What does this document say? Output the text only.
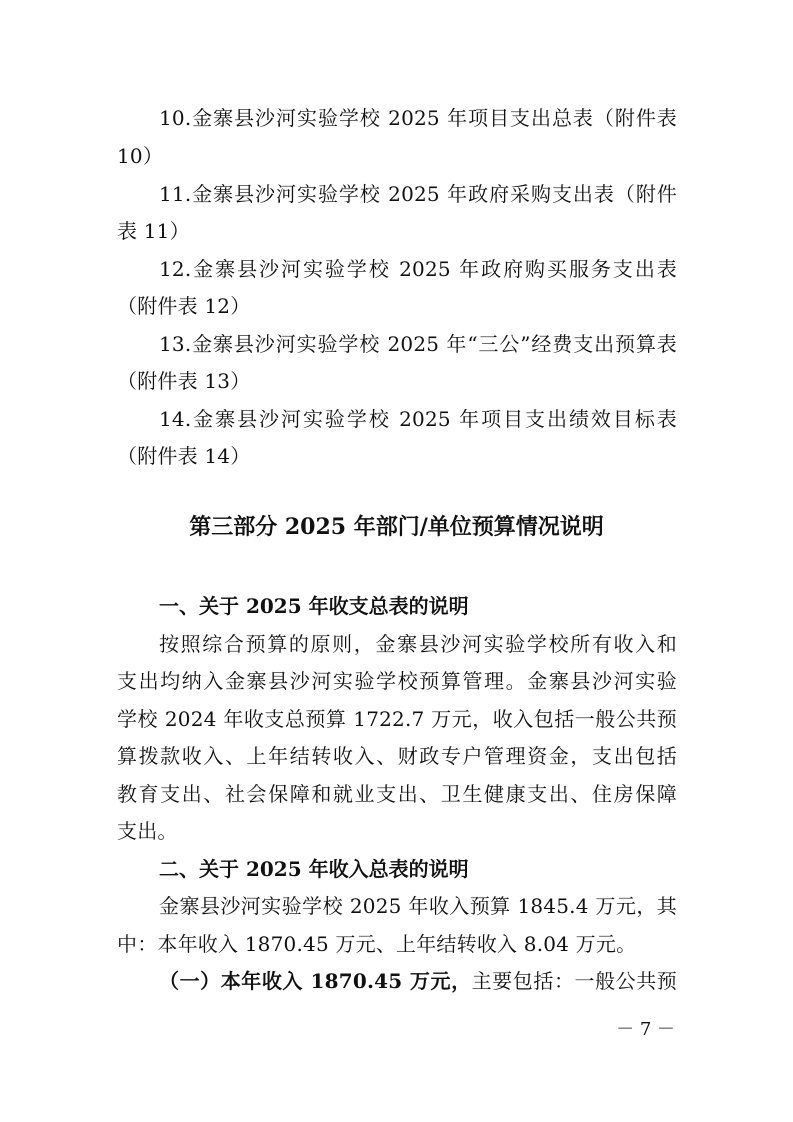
10.金寨县沙河实验学校 2025 年项目支出总表（附件表
10）
11.金寨县沙河实验学校 2025 年政府采购支出表（附件
表 11）
12.金寨县沙河实验学校 2025 年政府购买服务支出表
（附件表 12）
13.金寨县沙河实验学校 2025 年“三公”经费支出预算表
（附件表 13）
14.金寨县沙河实验学校 2025 年项目支出绩效目标表
（附件表 14）
第三部分 2025 年部门/单位预算情况说明
一、关于 2025 年收支总表的说明
按照综合预算的原则，金寨县沙河实验学校所有收入和
支出均纳入金寨县沙河实验学校预算管理。金寨县沙河实验
学校 2024 年收支总预算 1722.7 万元，收入包括一般公共预
算拨款收入、上年结转收入、财政专户管理资金，支出包括
教育支出、社会保障和就业支出、卫生健康支出、住房保障
支出。
二、关于 2025 年收入总表的说明
金寨县沙河实验学校 2025 年收入预算 1845.4 万元，其
中：本年收入 1870.45 万元、上年结转收入 8.04 万元。
（一）本年收入 1870.45 万元，主要包括：一般公共预
－ 7 －
